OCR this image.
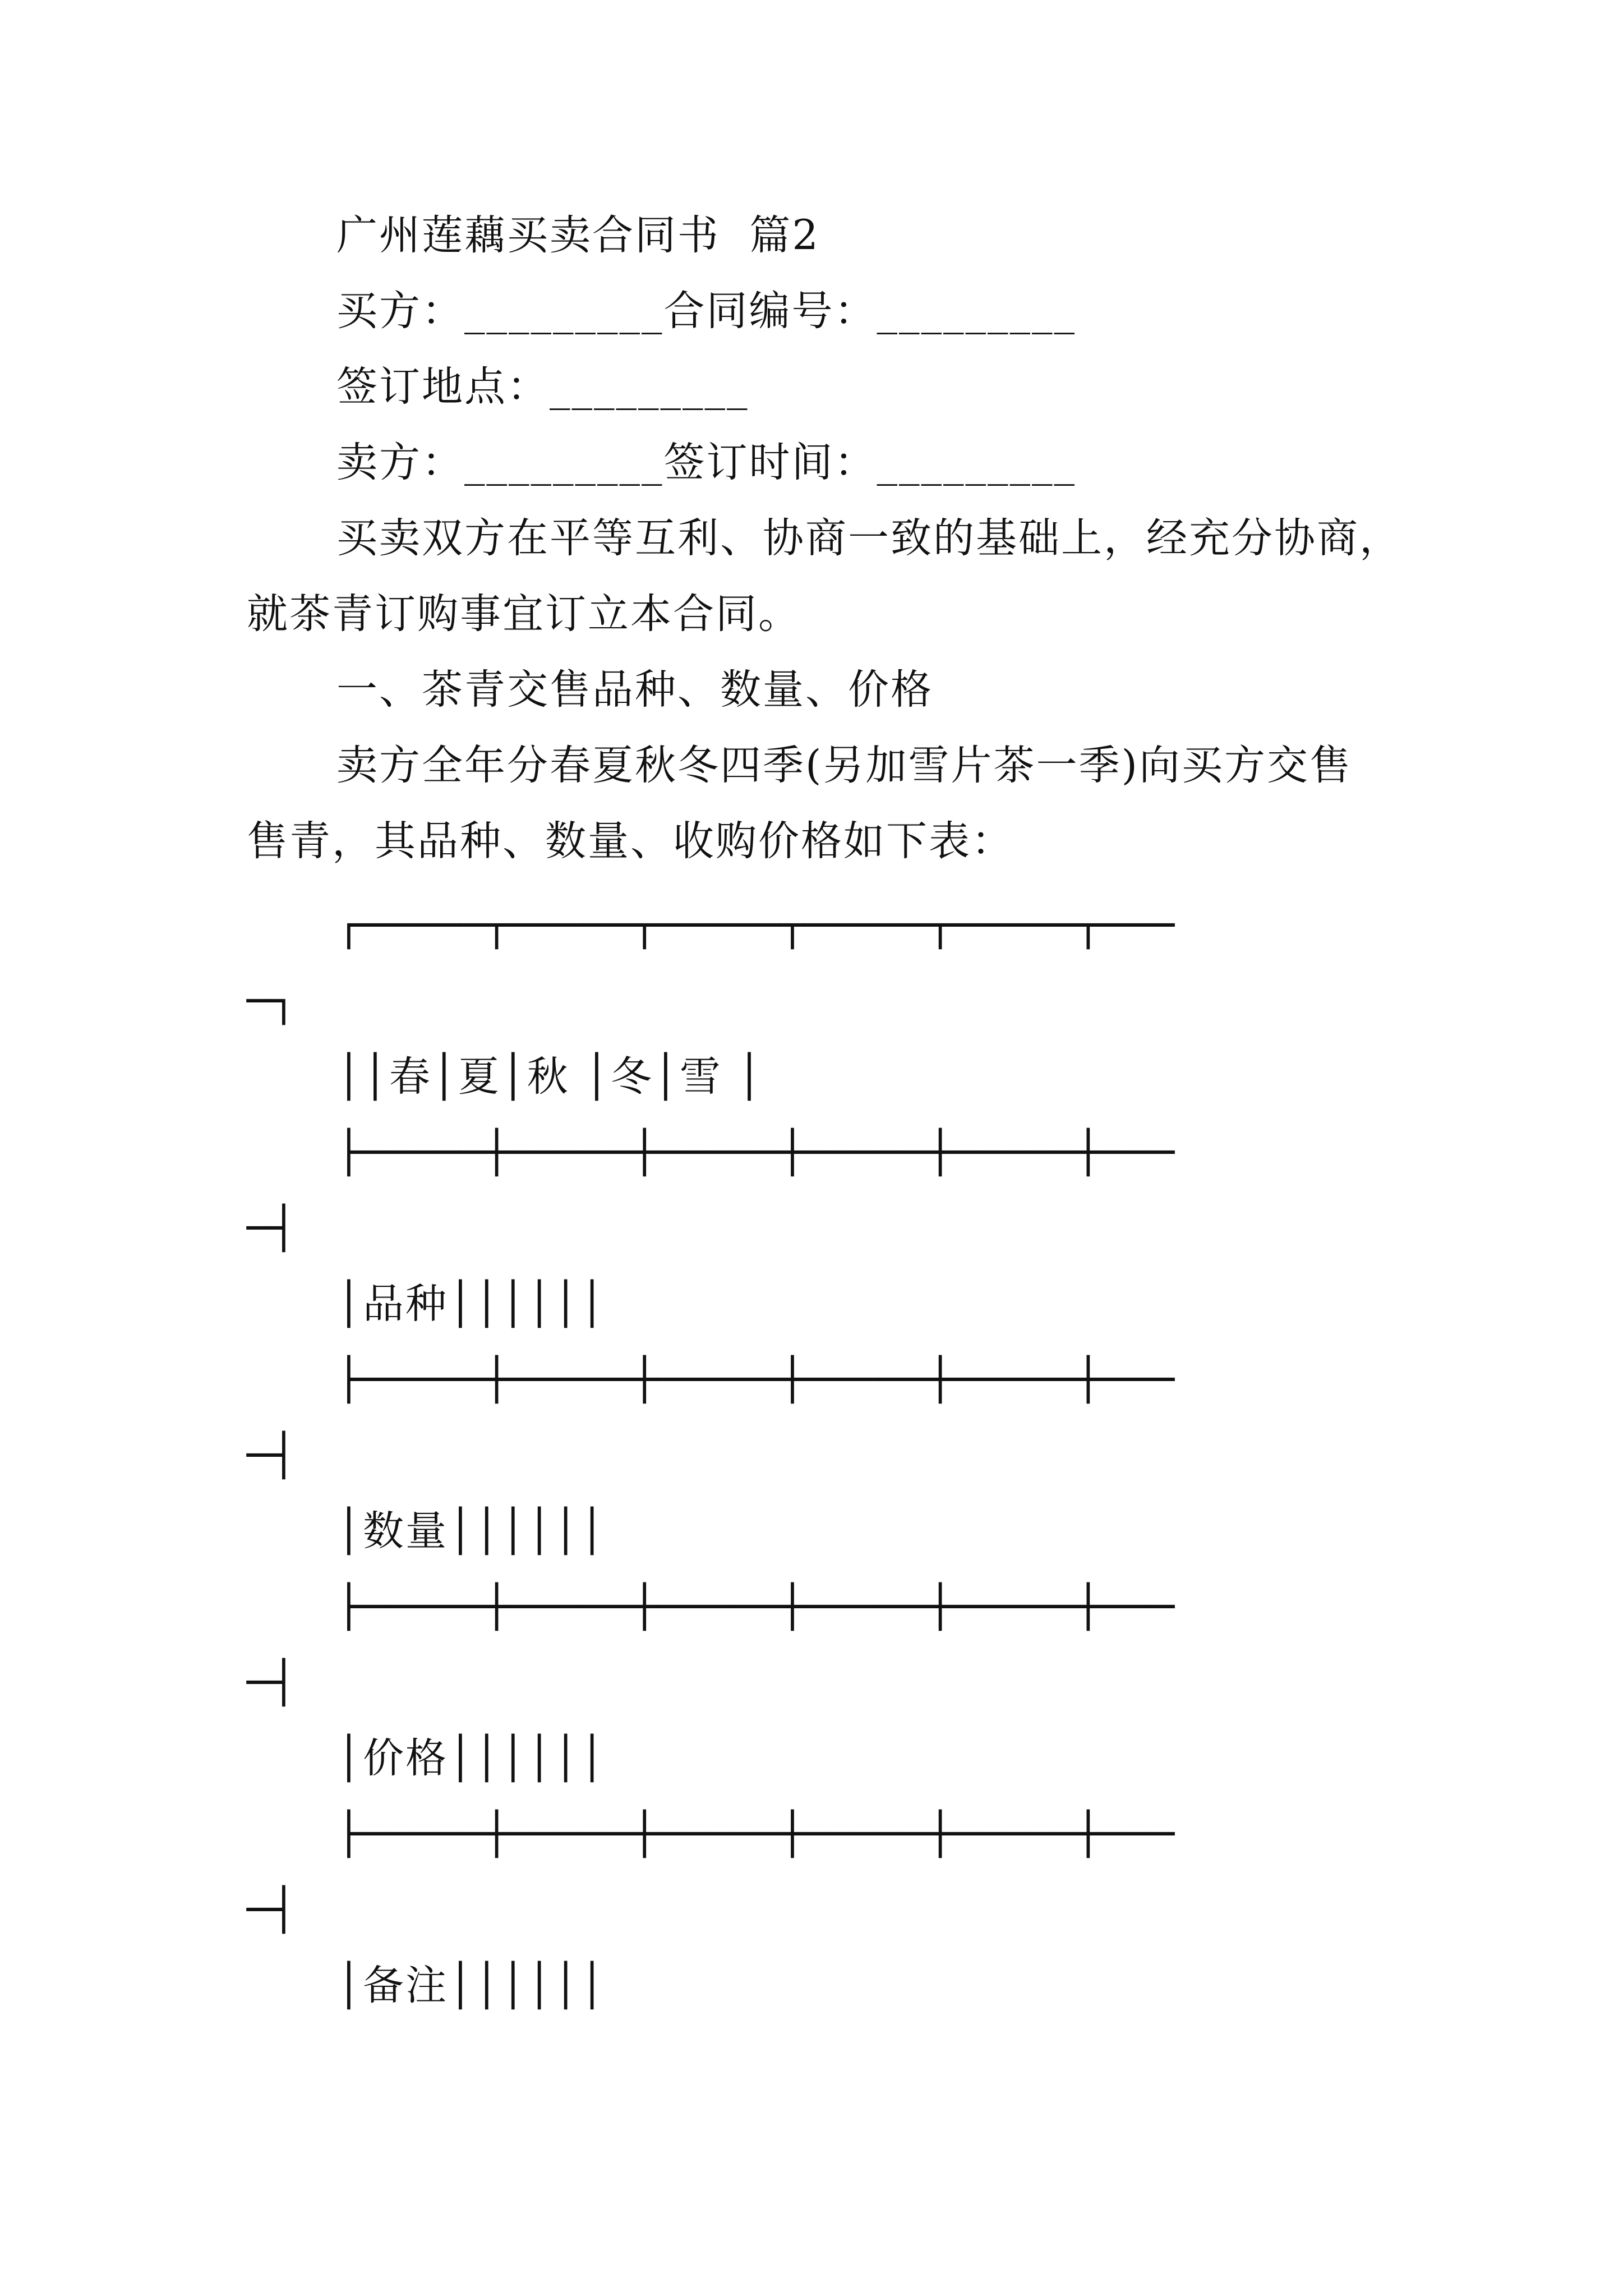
广州莲藕买卖合同书  篇2
买方：_________合同编号：_________
签订地点：_________
卖方：_________签订时间：_________
买卖双方在平等互利、协商一致的基础上，经充分协商，
就茶青订购事宜订立本合同。
一、茶青交售品种、数量、价格
卖方全年分春夏秋冬四季(另加雪片茶一季)向买方交售
售青，其品种、数量、收购价格如下表：
┌─────┬─────┬─────┬─────┬─────┬───
─┐
││春│夏│秋 │冬│雪 │
├─────┼─────┼─────┼─────┼─────┼───
─┤
│品种││││││
├─────┼─────┼─────┼─────┼─────┼───
─┤
│数量││││││
├─────┼─────┼─────┼─────┼─────┼───
─┤
│价格││││││
├─────┼─────┼─────┼─────┼─────┼───
─┤
│备注││││││
